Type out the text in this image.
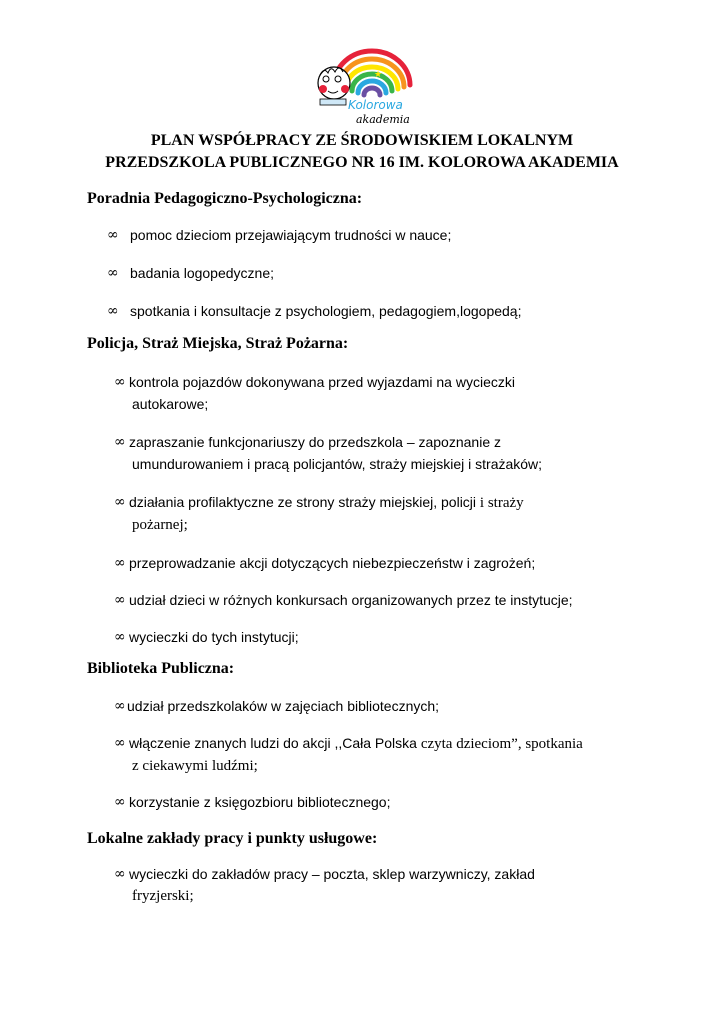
★
Kolorowa
akademia
PLAN WSPÓŁPRACY ZE ŚRODOWISKIEM LOKALNYM
PRZEDSZKOLA PUBLICZNEGO NR 16 IM. KOLOROWA AKADEMIA

Poradnia Pedagogiczno-Psychologiczna:

∞ pomoc dzieciom przejawiającym trudności w nauce;
∞ badania logopedyczne;
∞ spotkania i konsultacje z psychologiem, pedagogiem,logopedą;

Policja, Straż Miejska, Straż Pożarna:

∞ kontrola pojazdów dokonywana przed wyjazdami na wycieczki
autokarowe;
∞ zapraszanie funkcjonariuszy do przedszkola – zapoznanie z
umundurowaniem i pracą policjantów, straży miejskiej i strażaków;
∞ działania profilaktyczne ze strony straży miejskiej, policji i straży
pożarnej;
∞ przeprowadzanie akcji dotyczących niebezpieczeństw i zagrożeń;
∞ udział dzieci w różnych konkursach organizowanych przez te instytucje;
∞ wycieczki do tych instytucji;

Biblioteka Publiczna:

∞ udział przedszkolaków w zajęciach bibliotecznych;
∞ włączenie znanych ludzi do akcji ,,Cała Polska czyta dzieciom”, spotkania
z ciekawymi ludźmi;
∞ korzystanie z księgozbioru bibliotecznego;

Lokalne zakłady pracy i punkty usługowe:

∞ wycieczki do zakładów pracy – poczta, sklep warzywniczy, zakład
fryzjerski;
